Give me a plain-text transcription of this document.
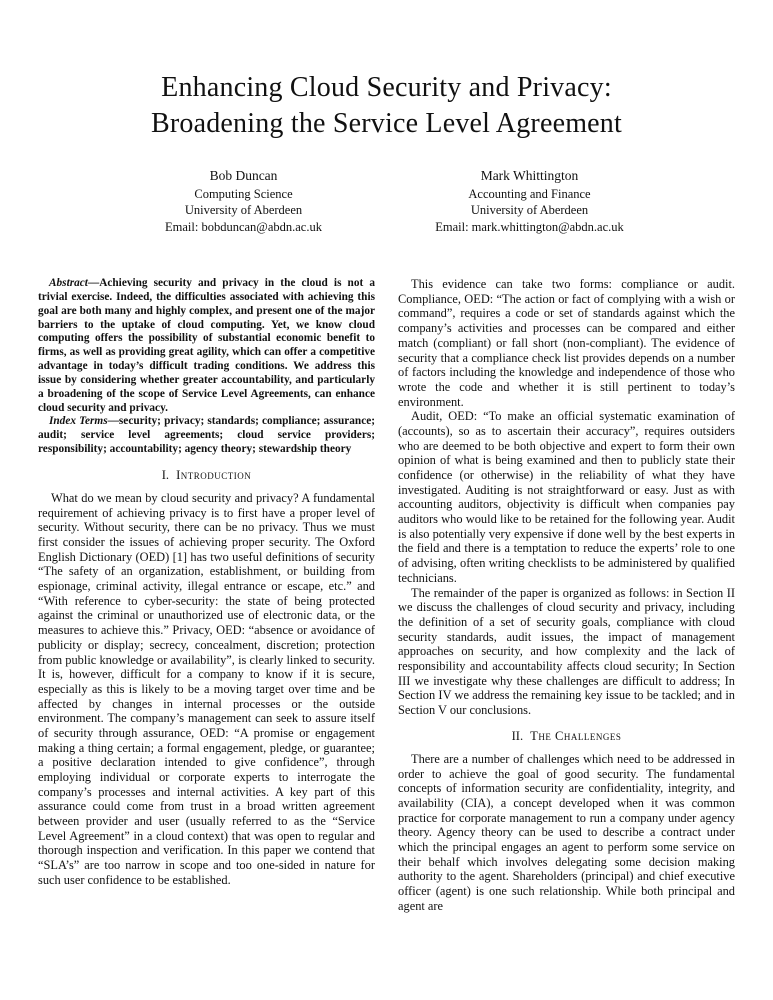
Enhancing Cloud Security and Privacy:
Broadening the Service Level Agreement
Bob Duncan
Computing Science
University of Aberdeen
Email: bobduncan@abdn.ac.uk
Mark Whittington
Accounting and Finance
University of Aberdeen
Email: mark.whittington@abdn.ac.uk

Abstract—Achieving security and privacy in the cloud is not a trivial exercise. Indeed, the difficulties associated with achieving this goal are both many and highly complex, and present one of the major barriers to the uptake of cloud computing. Yet, we know cloud computing offers the possibility of substantial economic benefit to firms, as well as providing great agility, which can offer a competitive advantage in today’s difficult trading conditions. We address this issue by considering whether greater accountability, and particularly a broadening of the scope of Service Level Agreements, can enhance cloud security and privacy.

Index Terms—security; privacy; standards; compliance; assurance; audit; service level agreements; cloud service providers; responsibility; accountability; agency theory; stewardship theory

I. Introduction

What do we mean by cloud security and privacy? A fundamental requirement of achieving privacy is to first have a proper level of security. Without security, there can be no privacy. Thus we must first consider the issues of achieving proper security. The Oxford English Dictionary (OED) [1] has two useful definitions of security “The safety of an organization, establishment, or building from espionage, criminal activity, illegal entrance or escape, etc.” and “With reference to cyber-security: the state of being protected against the criminal or unauthorized use of electronic data, or the measures to achieve this.” Privacy, OED: “absence or avoidance of publicity or display; secrecy, concealment, discretion; protection from public knowledge or availability”, is clearly linked to security. It is, however, difficult for a company to know if it is secure, especially as this is likely to be a moving target over time and be affected by changes in internal processes or the outside environment. The company’s management can seek to assure itself of security through assurance, OED: “A promise or engagement making a thing certain; a formal engagement, pledge, or guarantee; a positive declaration intended to give confidence”, through employing individual or corporate experts to interrogate the company’s processes and internal activities. A key part of this assurance could come from trust in a broad written agreement between provider and user (usually referred to as the “Service Level Agreement” in a cloud context) that was open to regular and thorough inspection and verification. In this paper we contend that “SLA’s” are too narrow in scope and too one-sided in nature for such user confidence to be established.

This evidence can take two forms: compliance or audit. Compliance, OED: “The action or fact of complying with a wish or command”, requires a code or set of standards against which the company’s activities and processes can be compared and either match (compliant) or fall short (non-compliant). The evidence of security that a compliance check list provides depends on a number of factors including the knowledge and independence of those who wrote the code and whether it is still pertinent to today’s environment.

Audit, OED: “To make an official systematic examination of (accounts), so as to ascertain their accuracy”, requires outsiders who are deemed to be both objective and expert to form their own opinion of what is being examined and then to publicly state their confidence (or otherwise) in the reliability of what they have investigated. Auditing is not straightforward or easy. Just as with accounting auditors, objectivity is difficult when companies pay auditors who would like to be retained for the following year. Audit is also potentially very expensive if done well by the best experts in the field and there is a temptation to reduce the experts’ role to one of advising, often writing checklists to be administered by qualified technicians.

The remainder of the paper is organized as follows: in Section II we discuss the challenges of cloud security and privacy, including the definition of a set of security goals, compliance with cloud security standards, audit issues, the impact of management approaches on security, and how complexity and the lack of responsibility and accountability affects cloud security; In Section III we investigate why these challenges are difficult to address; In Section IV we address the remaining key issue to be tackled; and in Section V our conclusions.

II. The Challenges

There are a number of challenges which need to be addressed in order to achieve the goal of good security. The fundamental concepts of information security are confidentiality, integrity, and availability (CIA), a concept developed when it was common practice for corporate management to run a company under agency theory. Agency theory can be used to describe a contract under which the principal engages an agent to perform some service on their behalf which involves delegating some decision making authority to the agent. Shareholders (principal) and chief executive officer (agent) is one such relationship. While both principal and agent are
